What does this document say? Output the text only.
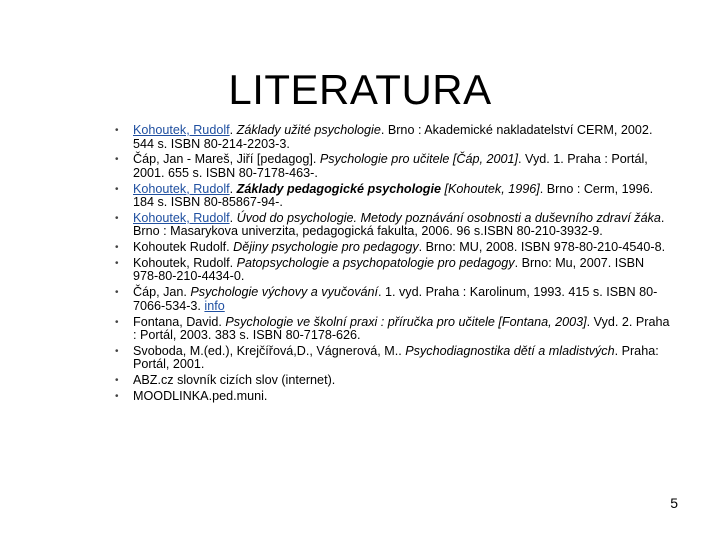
LITERATURA
• Kohoutek, Rudolf. Základy užité psychologie. Brno : Akademické nakladatelství CERM, 2002. 544 s. ISBN 80-214-2203-3.
• Čáp, Jan - Mareš, Jiří [pedagog]. Psychologie pro učitele [Čáp, 2001]. Vyd. 1. Praha : Portál, 2001. 655 s. ISBN 80-7178-463-.
• Kohoutek, Rudolf. Základy pedagogické psychologie [Kohoutek, 1996]. Brno : Cerm, 1996. 184 s. ISBN 80-85867-94-.
• Kohoutek, Rudolf. Úvod do psychologie. Metody poznávání osobnosti a duševního zdraví žáka. Brno : Masarykova univerzita, pedagogická fakulta, 2006. 96 s.ISBN 80-210-3932-9.
• Kohoutek Rudolf. Dějiny psychologie pro pedagogy. Brno: MU, 2008. ISBN 978-80-210-4540-8.
• Kohoutek, Rudolf. Patopsychologie a psychopatologie pro pedagogy. Brno: Mu, 2007. ISBN 978-80-210-4434-0.
• Čáp, Jan. Psychologie výchovy a vyučování. 1. vyd. Praha : Karolinum, 1993. 415 s. ISBN 80-7066-534-3. info
• Fontana, David. Psychologie ve školní praxi : příručka pro učitele [Fontana, 2003]. Vyd. 2. Praha : Portál, 2003. 383 s. ISBN 80-7178-626.
• Svoboda, M.(ed.), Krejčířová,D., Vágnerová, M.. Psychodiagnostika dětí a mladistvých. Praha: Portál, 2001.
• ABZ.cz slovník cizích slov (internet).
• MOODLINKA.ped.muni.
5
